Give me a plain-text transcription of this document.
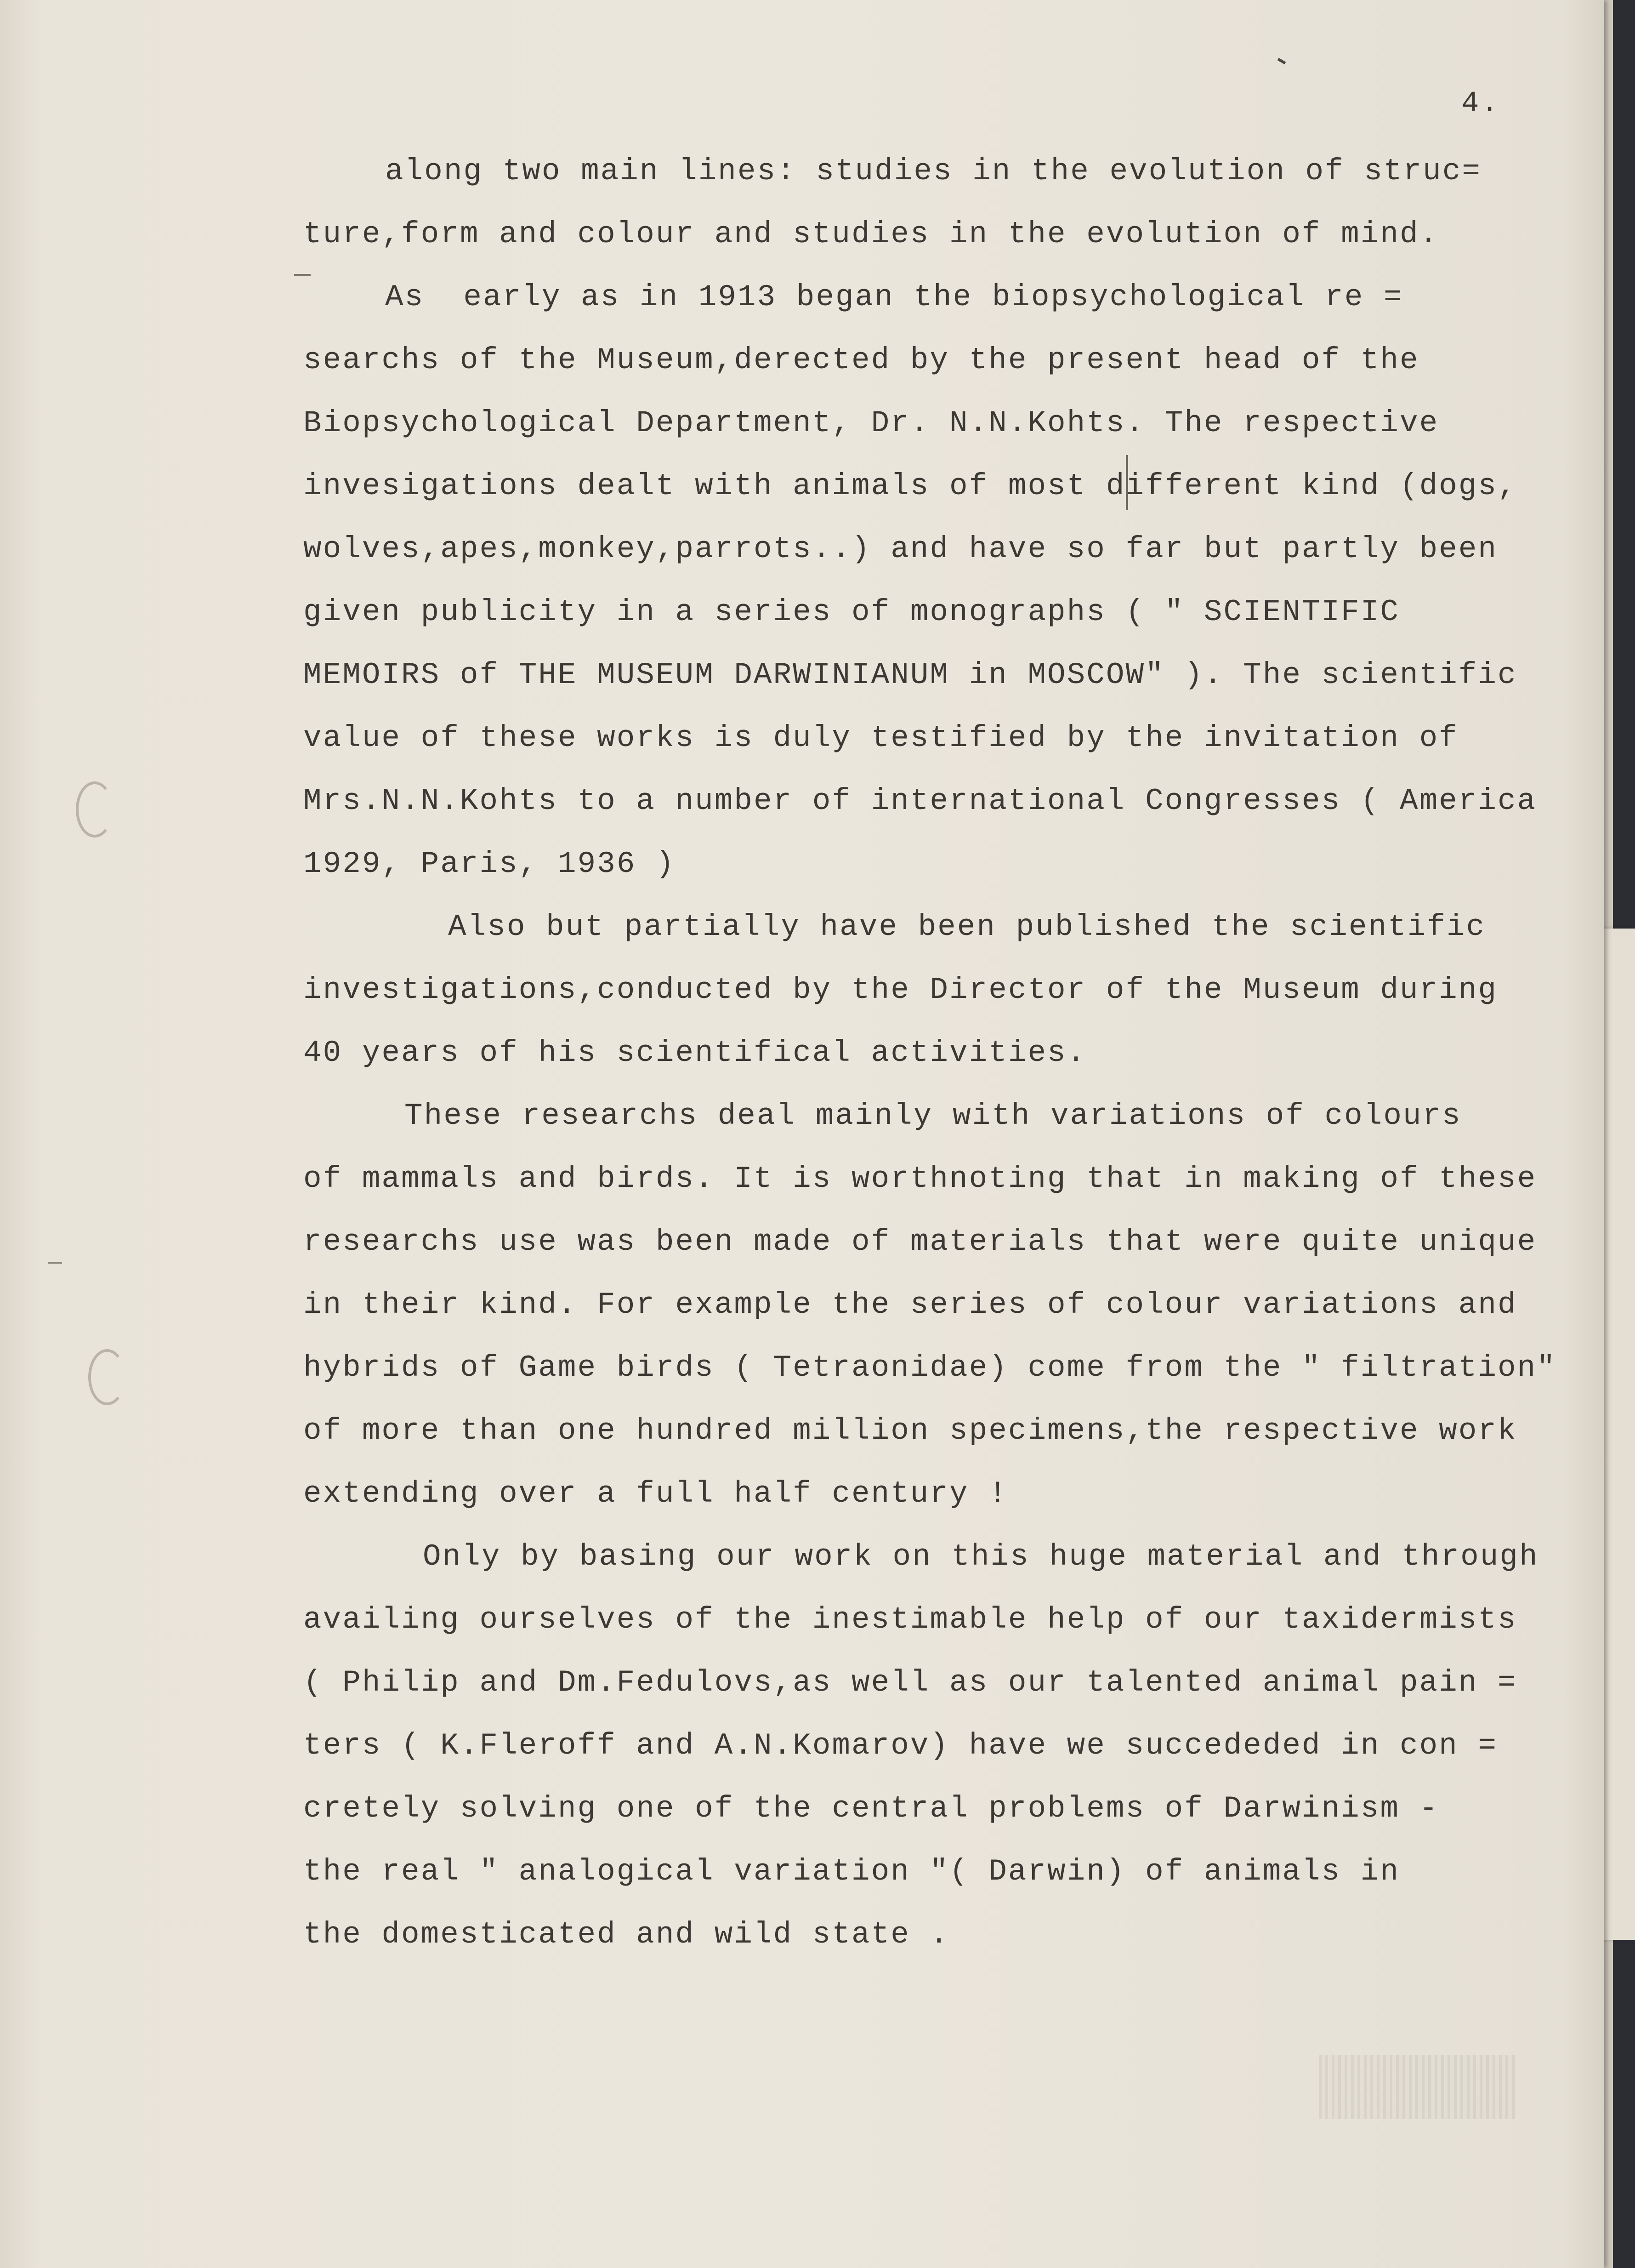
4.
along two main lines: studies in the evolution of struc=
ture,form and colour and studies in the evolution of mind.
As  early as in 1913 began the biopsychological re =
searchs of the Museum,derected by the present head of the
Biopsychological Department, Dr. N.N.Kohts. The respective
invesigations dealt with animals of most different kind (dogs,
wolves,apes,monkey,parrots..) and have so far but partly been
given publicity in a series of monographs ( " SCIENTIFIC
MEMOIRS of THE MUSEUM DARWINIANUM in MOSCOW" ). The scientific
value of these works is duly testified by the invitation of
Mrs.N.N.Kohts to a number of international Congresses ( America
1929, Paris, 1936 )
Also but partially have been published the scientific
investigations,conducted by the Director of the Museum during
40 years of his scientifical activities.
These researchs deal mainly with variations of colours
of mammals and birds. It is worthnoting that in making of these
researchs use was been made of materials that were quite unique
in their kind. For example the series of colour variations and
hybrids of Game birds ( Tetraonidae) come from the " filtration"
of more than one hundred million specimens,the respective work
extending over a full half century !
Only by basing our work on this huge material and through
availing ourselves of the inestimable help of our taxidermists
( Philip and Dm.Fedulovs,as well as our talented animal pain =
ters ( K.Fleroff and A.N.Komarov) have we succededed in con =
cretely solving one of the central problems of Darwinism -
the real " analogical variation "( Darwin) of animals in
the domesticated and wild state .
